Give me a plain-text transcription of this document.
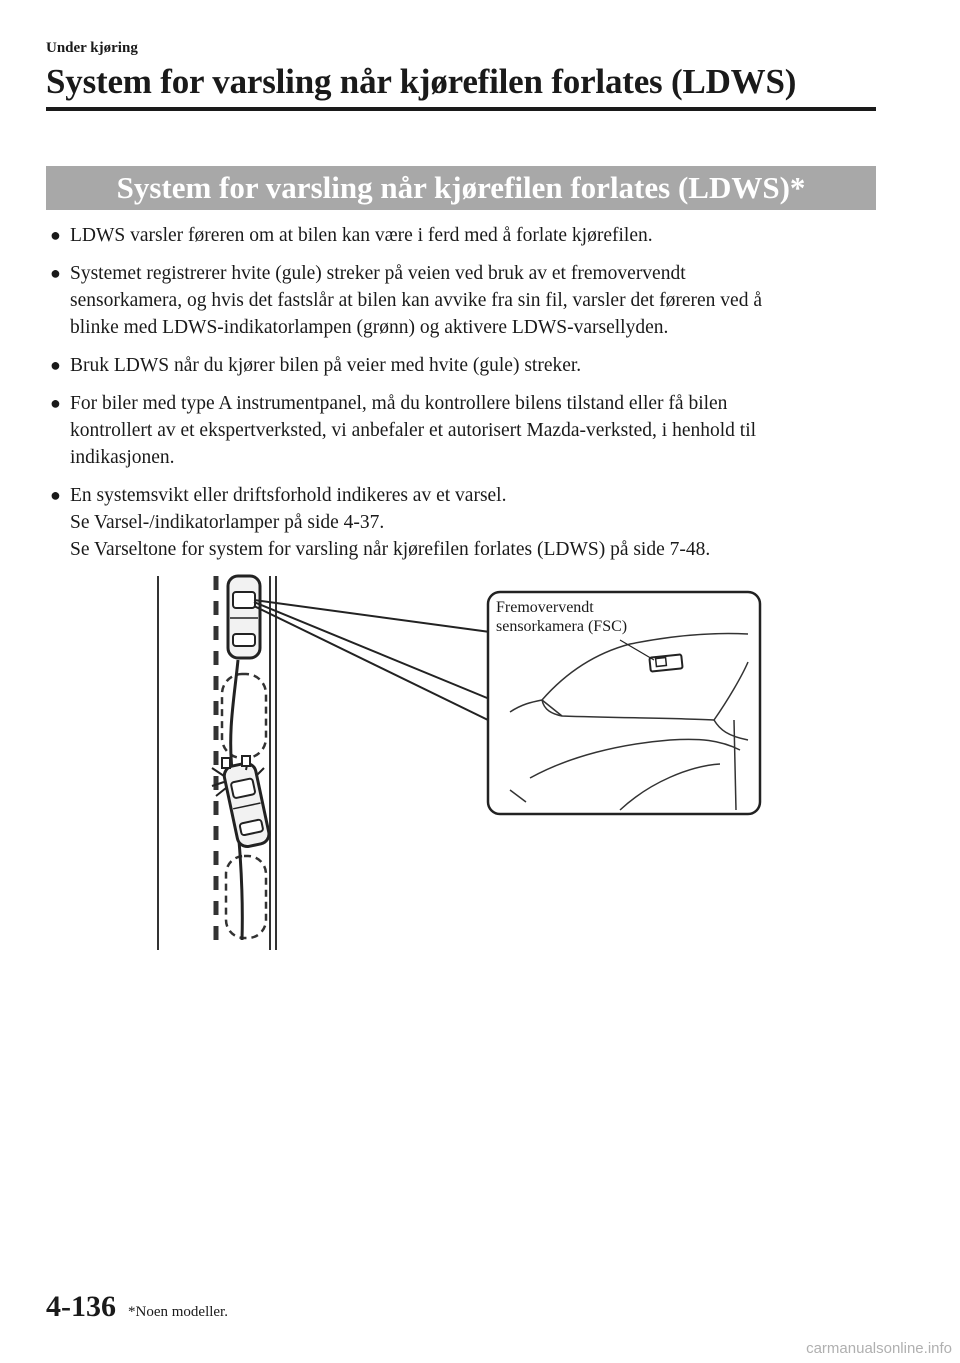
Under kjøring
System for varsling når kjørefilen forlates (LDWS)
System for varsling når kjørefilen forlates (LDWS)*
● LDWS varsler føreren om at bilen kan være i ferd med å forlate kjørefilen.
● Systemet registrerer hvite (gule) streker på veien ved bruk av et fremovervendt
sensorkamera, og hvis det fastslår at bilen kan avvike fra sin fil, varsler det føreren ved å
blinke med LDWS-indikatorlampen (grønn) og aktivere LDWS-varsellyden.
● Bruk LDWS når du kjører bilen på veier med hvite (gule) streker.
● For biler med type A instrumentpanel, må du kontrollere bilens tilstand eller få bilen
kontrollert av et ekspertverksted, vi anbefaler et autorisert Mazda-verksted, i henhold til
indikasjonen.
● En systemsvikt eller driftsforhold indikeres av et varsel.
Se Varsel-/indikatorlamper på side 4-37.
Se Varseltone for system for varsling når kjørefilen forlates (LDWS) på side 7-48.
Fremovervendt
sensorkamera (FSC)
4-136 *Noen modeller.
carmanualsonline.info
